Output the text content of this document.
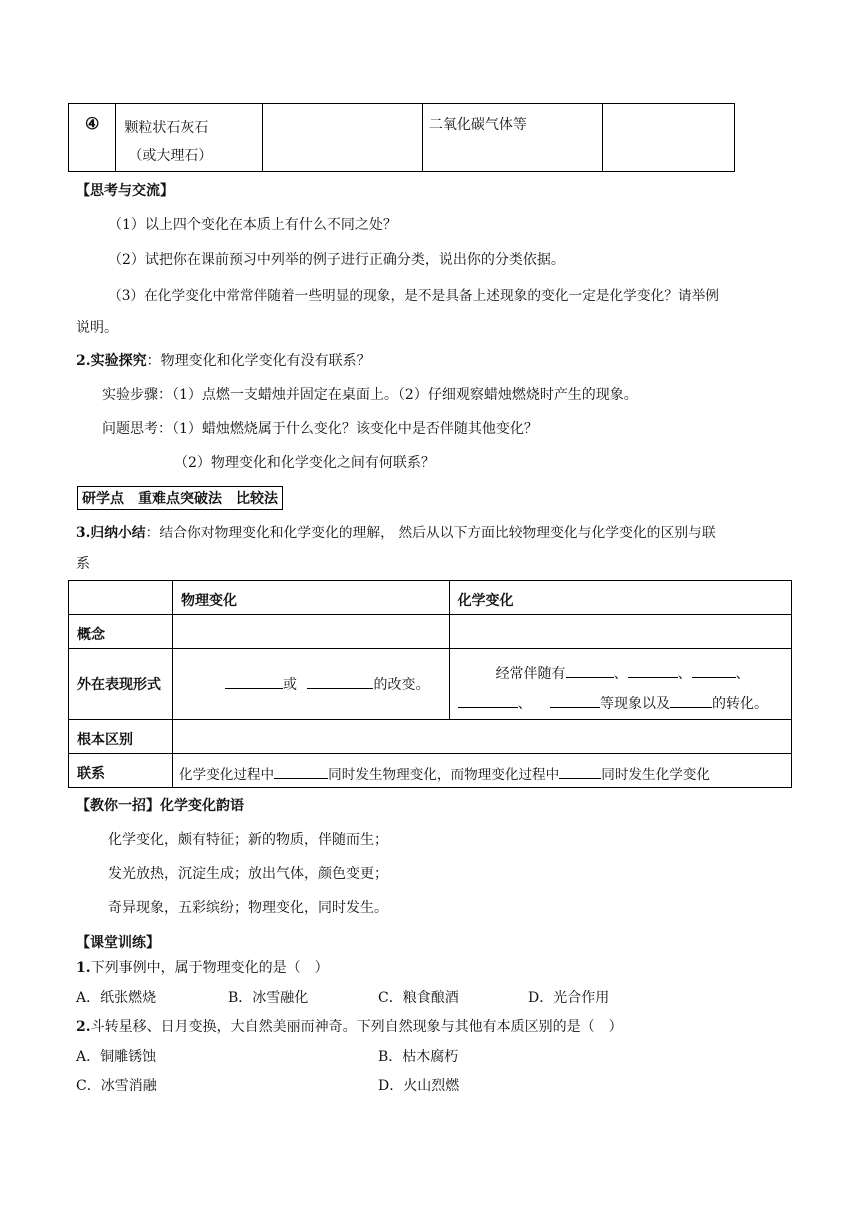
④	颗粒状石灰石
（或大理石）
		二氧化碳气体等	
【思考与交流】
（1）以上四个变化在本质上有什么不同之处？
（2）试把你在课前预习中列举的例子进行正确分类，说出你的分类依据。
（3）在化学变化中常常伴随着一些明显的现象，是不是具备上述现象的变化一定是化学变化？请举例
说明。
2.实验探究：物理变化和化学变化有没有联系？
实验步骤：（1）点燃一支蜡烛并固定在桌面上。（2）仔细观察蜡烛燃烧时产生的现象。
问题思考：（1）蜡烛燃烧属于什么变化？该变化中是否伴随其他变化？
（2）物理变化和化学变化之间有何联系？
研学点　重难点突破法　比较法
3.归纳小结：结合你对物理变化和化学变化的理解， 然后从以下方面比较物理变化与化学变化的区别与联
系
	物理变化	化学变化
概念		
外在表现形式	或 的改变。	经常伴随有 、 、 、
、 等现象以及 的转化。

根本区别		
联系	化学变化过程中 同时发生物理变化，而物理变化过程中 同时发生化学变化	
【教你一招】化学变化韵语
化学变化，颇有特征；新的物质，伴随而生；
发光放热，沉淀生成；放出气体，颜色变更；
奇异现象，五彩缤纷；物理变化，同时发生。
【课堂训练】
1.下列事例中，属于物理变化的是（　）
A．纸张燃烧	B．冰雪融化	C．粮食酿酒	D．光合作用
2.斗转星移、日月变换，大自然美丽而神奇。下列自然现象与其他有本质区别的是（　）
A．铜雕锈蚀	B．枯木腐朽
C．冰雪消融	D．火山烈燃
